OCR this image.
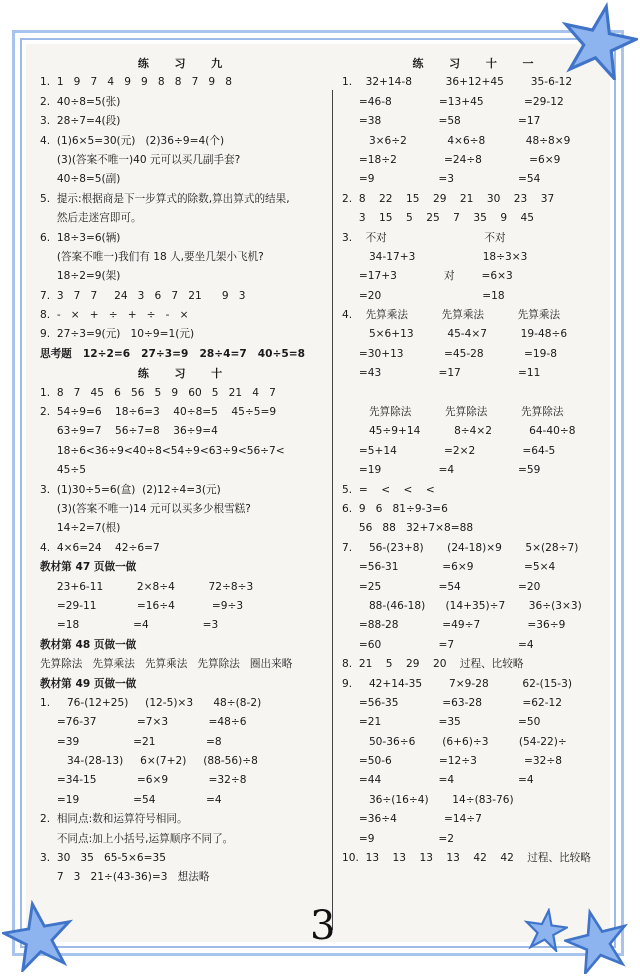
练  习  九
1.  1   9   7   4   9   9   8   8   7   9   8
2.  40÷8=5(张)
3.  28÷7=4(段)
4.  (1)6×5=30(元)   (2)36÷9=4(个)
(3)(答案不唯一)40 元可以买几副手套?
40÷8=5(副)
5.  提示:根据商是下一步算式的除数,算出算式的结果,
然后走迷宫即可。
6.  18÷3=6(辆)
(答案不唯一)我们有 18 人,要坐几架小飞机?
18÷2=9(架)
7.  3   7   7     24   3   6   7   21      9   3
8.  -   ×   +   ÷   +   ÷   -   ×
9.  27÷3=9(元)   10÷9=1(元)
思考题   12÷2=6   27÷3=9   28÷4=7   40÷5=8
练  习  十
1.  8   7   45   6   56   5   9   60   5   21   4   7
2.  54÷9=6    18÷6=3    40÷8=5    45÷5=9
63÷9=7    56÷7=8    36÷9=4
18÷6<36÷9<40÷8<54÷9<63÷9<56÷7<
45÷5
3.  (1)30÷5=6(盒)  (2)12÷4=3(元)
(3)(答案不唯一)14 元可以买多少根雪糕?
14÷2=7(根)
4.  4×6=24    42÷6=7
教材第 47 页做一做
23+6-11          2×8÷4          72÷8÷3
=29-11            =16÷4           =9÷3
=18                =4                =3
教材第 48 页做一做
先算除法   先算乘法   先算乘法   先算除法   圈出来略
教材第 49 页做一做
1.     76-(12+25)     (12-5)×3      48÷(8-2)
=76-37            =7×3            =48÷6
=39                =21               =8
34-(28-13)     6×(7+2)     (88-56)÷8
=34-15            =6×9            =32÷8
=19                =54               =4
2.  相同点:数和运算符号相同。
不同点:加上小括号,运算顺序不同了。
3.  30   35   65-5×6=35
7   3   21÷(43-36)=3   想法略
练  习  十  一
1.    32+14-8          36+12+45        35-6-12
=46-8              =13+45            =29-12
=38                 =58                 =17
3×6÷2            4×6÷8            48÷8×9
=18÷2              =24÷8              =6×9
=9                   =3                   =54
2.  8    22    15    29    21    30    23    37
3    15    5    25    7    35    9    45
3.    不对                             不对
34-17+3                    18÷3×3
=17+3              对        =6×3
=20                              =18
4.    先算乘法          先算乘法          先算乘法
5×6+13          45-4×7          19-48÷6
=30+13            =45-28            =19-8
=43                 =17                 =11
先算除法          先算除法          先算除法
45÷9+14          8÷4×2           64-40÷8
=5+14              =2×2              =64-5
=19                 =4                   =59
5.  =    <    <    <
6.  9   6   81÷9-3=6
56   88   32+7×8=88
7.     56-(23+8)       (24-18)×9       5×(28÷7)
=56-31             =6×9               =5×4
=25                 =54                 =20
88-(46-18)      (14+35)÷7       36÷(3×3)
=88-28             =49÷7              =36÷9
=60                 =7                   =4
8.  21    5    29    20    过程、比较略
9.     42+14-35        7×9-28          62-(15-3)
=56-35             =63-28            =62-12
=21                 =35                 =50
50-36÷6        (6+6)÷3         (54-22)÷
=50-6              =12÷3              =32÷8
=44                 =4                   =4
36÷(16÷4)       14÷(83-76)
=36÷4              =14÷7
=9                   =2
10.  13    13    13    13    42    42    过程、比较略
3
